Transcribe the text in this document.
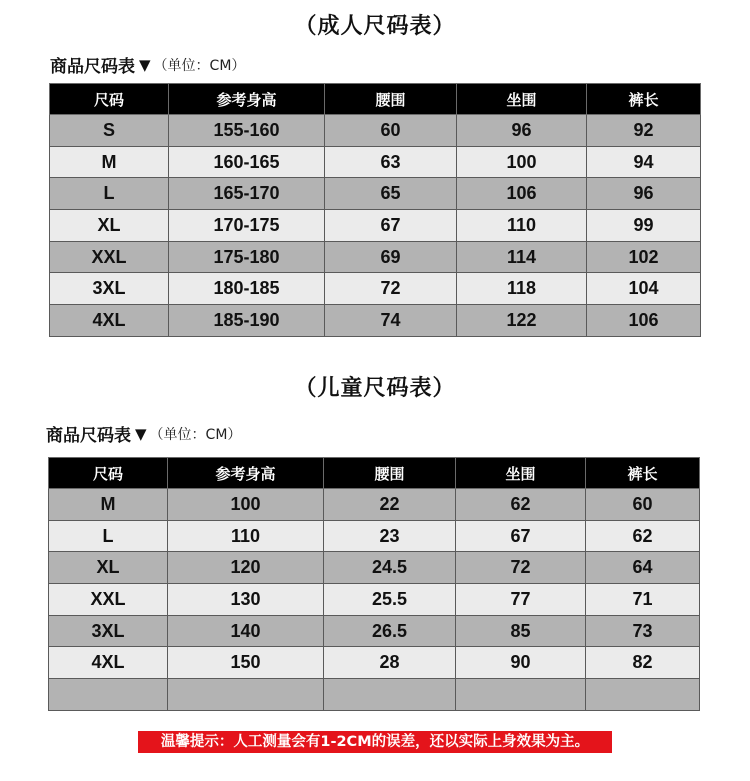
（成人尺码表）
商品尺码表 ▼ （单位：CM）
尺码	参考身高	腰围	坐围	裤长
S	155-160	60	96	92
M	160-165	63	100	94
L	165-170	65	106	96
XL	170-175	67	110	99
XXL	175-180	69	114	102
3XL	180-185	72	118	104
4XL	185-190	74	122	106
（儿童尺码表）
商品尺码表 ▼ （单位：CM）
尺码	参考身高	腰围	坐围	裤长
M	100	22	62	60
L	110	23	67	62
XL	120	24.5	72	64
XXL	130	25.5	77	71
3XL	140	26.5	85	73
4XL	150	28	90	82

温馨提示：人工测量会有1-2CM的误差，还以实际上身效果为主。
